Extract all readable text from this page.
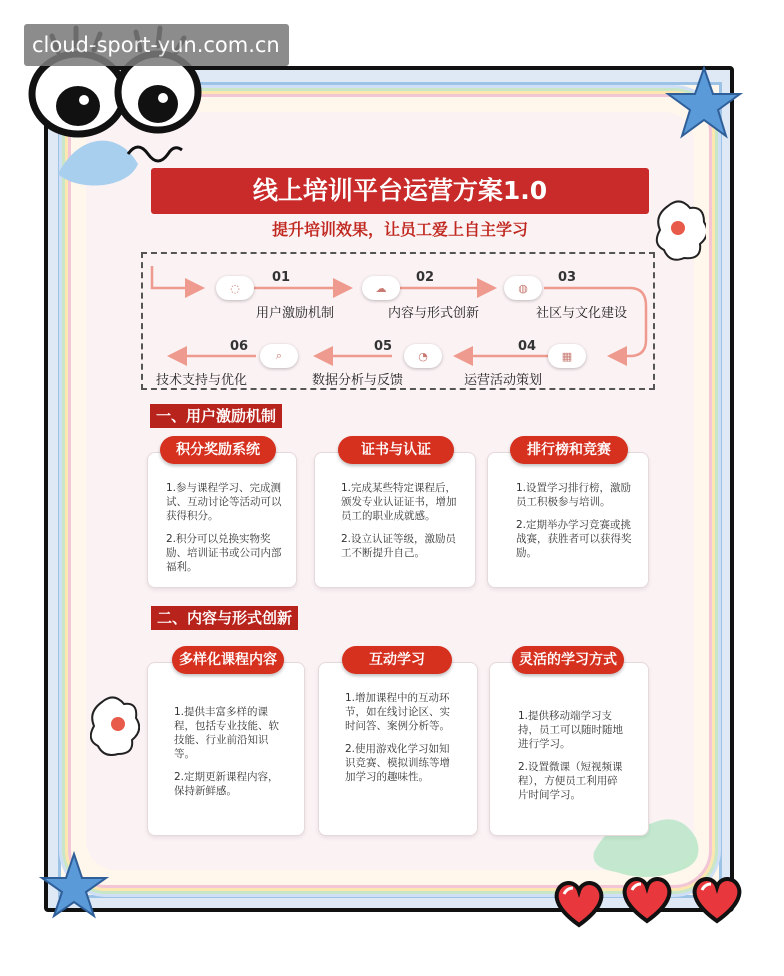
cloud-sport-yun.com.cn
线上培训平台运营方案1.0
提升培训效果，让员工爱上自主学习
◌
01
用户激励机制
☁
02
内容与形式创新
◍
03
社区与文化建设
▦
04
运营活动策划
◔
05
数据分析与反馈
⌕
06
技术支持与优化
一、用户激励机制

1.参与课程学习、完成测试、互动讨论等活动可以获得积分。

2.积分可以兑换实物奖励、培训证书或公司内部福利。

积分奖励系统

1.完成某些特定课程后，颁发专业认证证书，增加员工的职业成就感。

2.设立认证等级，激励员工不断提升自己。

证书与认证

1.设置学习排行榜，激励员工积极参与培训。

2.定期举办学习竞赛或挑战赛，获胜者可以获得奖励。

排行榜和竞赛
二、内容与形式创新

1.提供丰富多样的课程，包括专业技能、软技能、行业前沿知识等。

2.定期更新课程内容，保持新鲜感。

多样化课程内容

1.增加课程中的互动环节，如在线讨论区、实时问答、案例分析等。

2.使用游戏化学习如知识竞赛、模拟训练等增加学习的趣味性。

互动学习

1.提供移动端学习支持，员工可以随时随地进行学习。

2.设置微课（短视频课程），方便员工利用碎片时间学习。

灵活的学习方式
